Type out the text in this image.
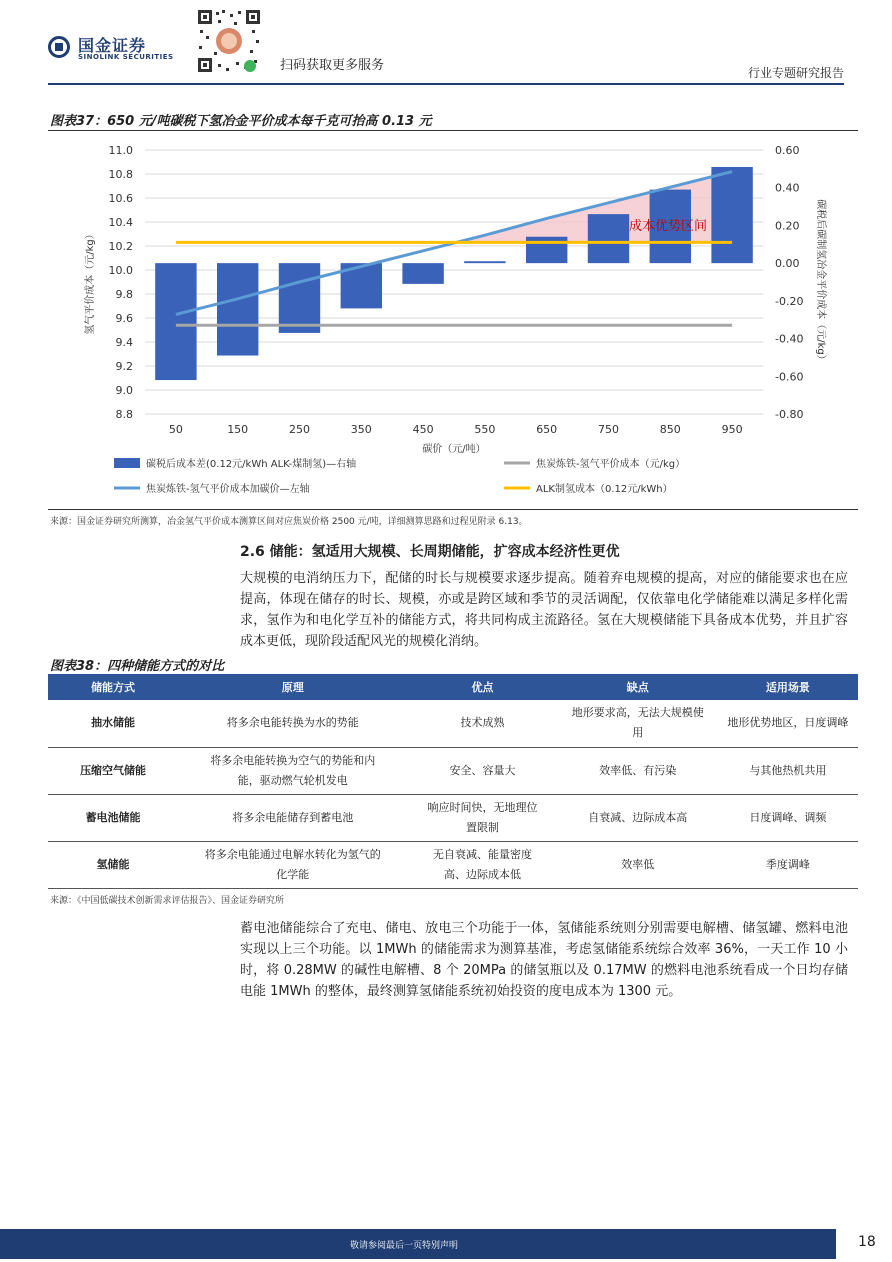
国金证券
SINOLINK SECURITIES
扫码获取更多服务	行业专题研究报告
图表37：650 元/吨碳税下氢冶金平价成本每千克可抬高 0.13 元
成本优势区间
11.0
10.8
10.6
10.4
10.2
10.0
9.8
9.6
9.4
9.2
9.0
8.8
0.60
0.40
0.20
0.00
-0.20
-0.40
-0.60
-0.80
50	150	250	350	450	550	650	750	850	950
碳价（元/吨）
氢气平价成本（元/kg）	碳税后碳制氢冶金平价成本（元/kg）
碳税后成本差(0.12元/kWh ALK-煤制氢)—右轴	焦炭炼铁-氢气平价成本（元/kg）
焦炭炼铁-氢气平价成本加碳价—左轴	ALK制氢成本（0.12元/kWh）
来源：国金证券研究所测算，冶金氢气平价成本测算区间对应焦炭价格 2500 元/吨，详细测算思路和过程见附录 6.13。
2.6 储能：氢适用大规模、长周期储能，扩容成本经济性更优
大规模的电消纳压力下，配储的时长与规模要求逐步提高。随着弃电规模的提高，对应的储能要求也在应提高，体现在储存的时长、规模，亦或是跨区域和季节的灵活调配，仅依靠电化学储能难以满足多样化需求，氢作为和电化学互补的储能方式，将共同构成主流路径。氢在大规模储能下具备成本优势，并且扩容成本更低，现阶段适配风光的规模化消纳。
图表38：四种储能方式的对比
储能方式	原理	优点	缺点	适用场景
抽水储能	将多余电能转换为水的势能	技术成熟	地形要求高，无法大规模使用	地形优势地区，日度调峰
压缩空气储能	将多余电能转换为空气的势能和内能，驱动燃气轮机发电	安全、容量大	效率低、有污染	与其他热机共用
蓄电池储能	将多余电能储存到蓄电池	响应时间快，无地理位置限制	自衰减、边际成本高	日度调峰、调频
氢储能	将多余电能通过电解水转化为氢气的化学能	无自衰减、能量密度高、边际成本低	效率低	季度调峰
来源：《中国低碳技术创新需求评估报告》、国金证券研究所
蓄电池储能综合了充电、储电、放电三个功能于一体，氢储能系统则分别需要电解槽、储氢罐、燃料电池实现以上三个功能。以 1MWh 的储能需求为测算基准，考虑氢储能系统综合效率 36%，一天工作 10 小时，将 0.28MW 的碱性电解槽、8 个 20MPa 的储氢瓶以及 0.17MW 的燃料电池系统看成一个日均存储电能 1MWh 的整体，最终测算氢储能系统初始投资的度电成本为 1300 元。
敬请参阅最后一页特别声明	18
